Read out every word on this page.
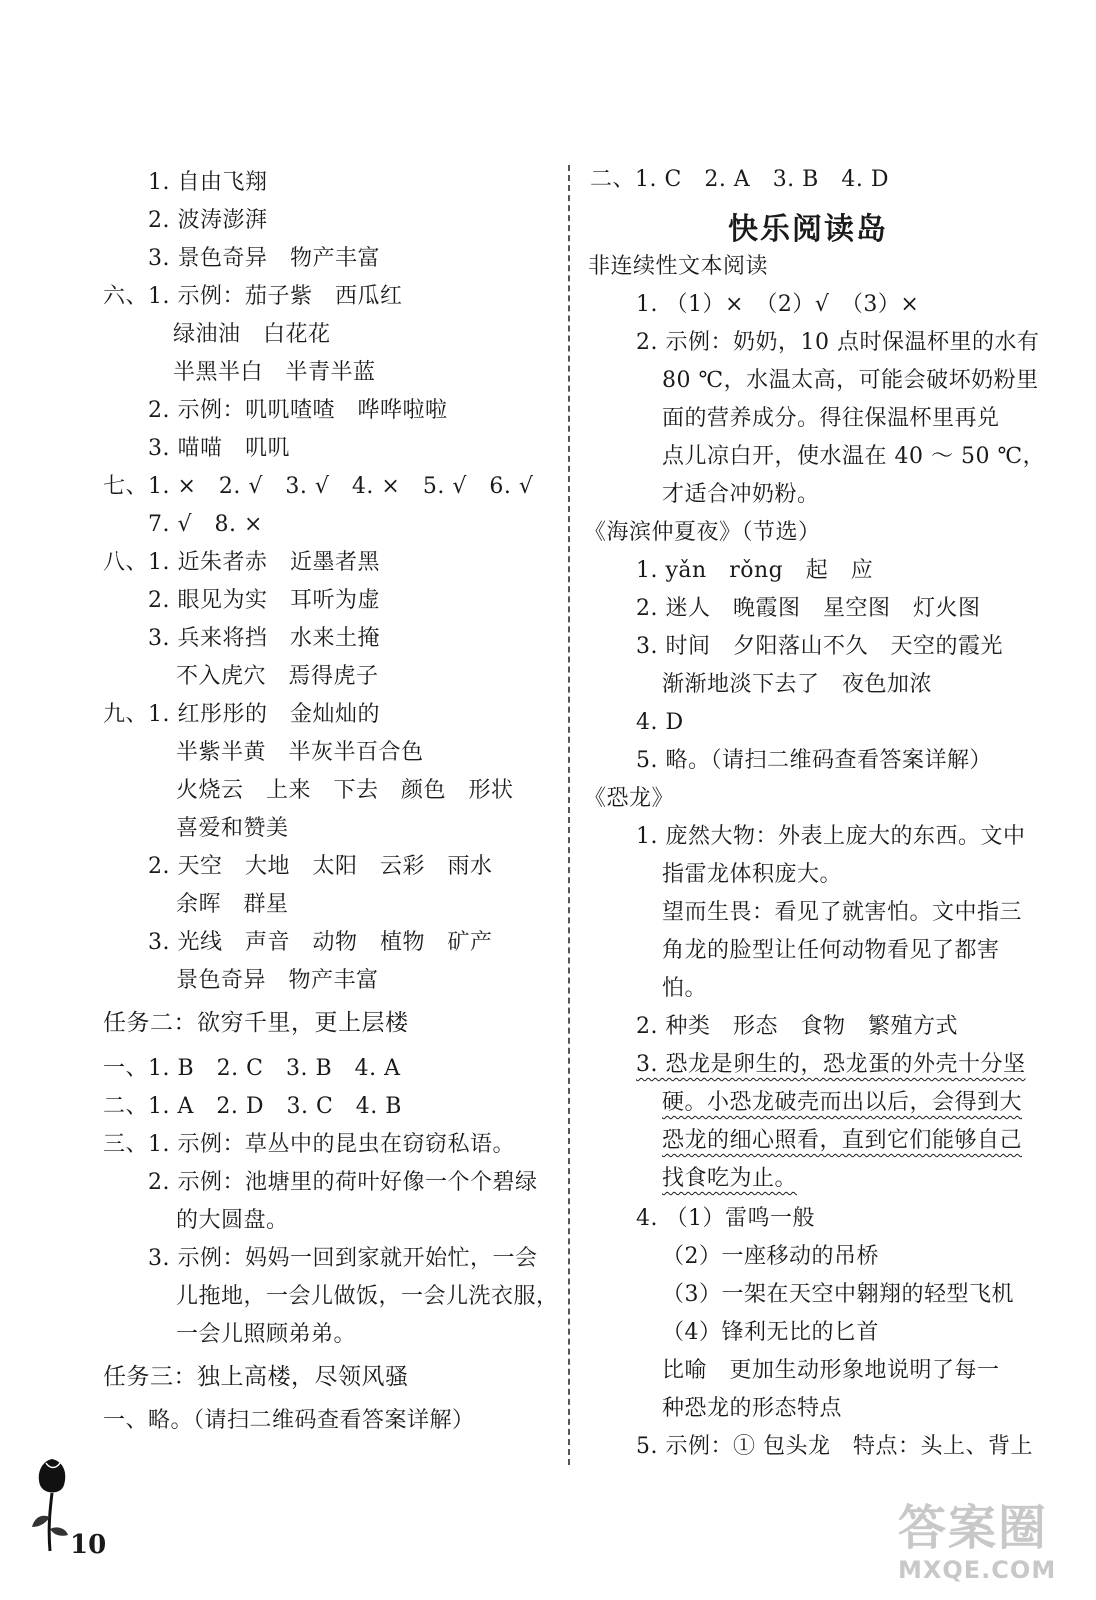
1. 自由飞翔
2. 波涛澎湃
3. 景色奇异　物产丰富
六、1. 示例：茄子紫　西瓜红
绿油油　白花花
半黑半白　半青半蓝
2. 示例：叽叽喳喳　哗哗啦啦
3. 喵喵　叽叽
七、1. ×　2. √　3. √　4. ×　5. √　6. √
7. √　8. ×
八、1. 近朱者赤　近墨者黑
2. 眼见为实　耳听为虚
3. 兵来将挡　水来土掩
不入虎穴　焉得虎子
九、1. 红彤彤的　金灿灿的
半紫半黄　半灰半百合色
火烧云　上来　下去　颜色　形状
喜爱和赞美
2. 天空　大地　太阳　云彩　雨水
余晖　群星
3. 光线　声音　动物　植物　矿产
景色奇异　物产丰富
任务二：欲穷千里，更上层楼
一、1. B　2. C　3. B　4. A
二、1. A　2. D　3. C　4. B
三、1. 示例：草丛中的昆虫在窃窃私语。
2. 示例：池塘里的荷叶好像一个个碧绿
的大圆盘。
3. 示例：妈妈一回到家就开始忙，一会
儿拖地，一会儿做饭，一会儿洗衣服，
一会儿照顾弟弟。
任务三：独上高楼，尽领风骚
一、略。（请扫二维码查看答案详解）
二、1. C　2. A　3. B　4. D
快乐阅读岛
非连续性文本阅读
1. （1）×　（2）√　（3）×
2. 示例：奶奶，10 点时保温杯里的水有
80 ℃，水温太高，可能会破坏奶粉里
面的营养成分。得往保温杯里再兑
点儿凉白开，使水温在 40 ～ 50 ℃，
才适合冲奶粉。
《海滨仲夏夜》（节选）
1. yǎn　rǒng　起　应
2. 迷人　晚霞图　星空图　灯火图
3. 时间　夕阳落山不久　天空的霞光
渐渐地淡下去了　夜色加浓
4. D
5. 略。（请扫二维码查看答案详解）
《恐龙》
1. 庞然大物：外表上庞大的东西。文中
指雷龙体积庞大。
望而生畏：看见了就害怕。文中指三
角龙的脸型让任何动物看见了都害
怕。
2. 种类　形态　食物　繁殖方式
3. 恐龙是卵生的，恐龙蛋的外壳十分坚
硬。小恐龙破壳而出以后，会得到大
恐龙的细心照看，直到它们能够自己
找食吃为止。
4. （1）雷鸣一般
（2）一座移动的吊桥
（3）一架在天空中翱翔的轻型飞机
（4）锋利无比的匕首
比喻　更加生动形象地说明了每一
种恐龙的形态特点
5. 示例：① 包头龙　特点：头上、背上
10	答案圈
MXQE.COM
